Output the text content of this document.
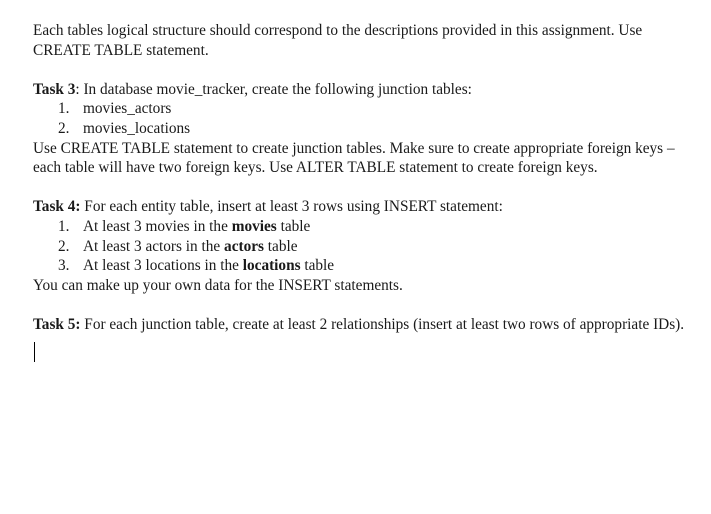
Each tables logical structure should correspond to the descriptions provided in this assignment. Use CREATE TABLE statement.

Task 3: In database movie_tracker, create the following junction tables:

1. movies_actors
2. movies_locations

Use CREATE TABLE statement to create junction tables. Make sure to create appropriate foreign keys – each table will have two foreign keys. Use ALTER TABLE statement to create foreign keys.

Task 4: For each entity table, insert at least 3 rows using INSERT statement:

1. At least 3 movies in the movies table
2. At least 3 actors in the actors table
3. At least 3 locations in the locations table

You can make up your own data for the INSERT statements.

Task 5: For each junction table, create at least 2 relationships (insert at least two rows of appropriate IDs).
